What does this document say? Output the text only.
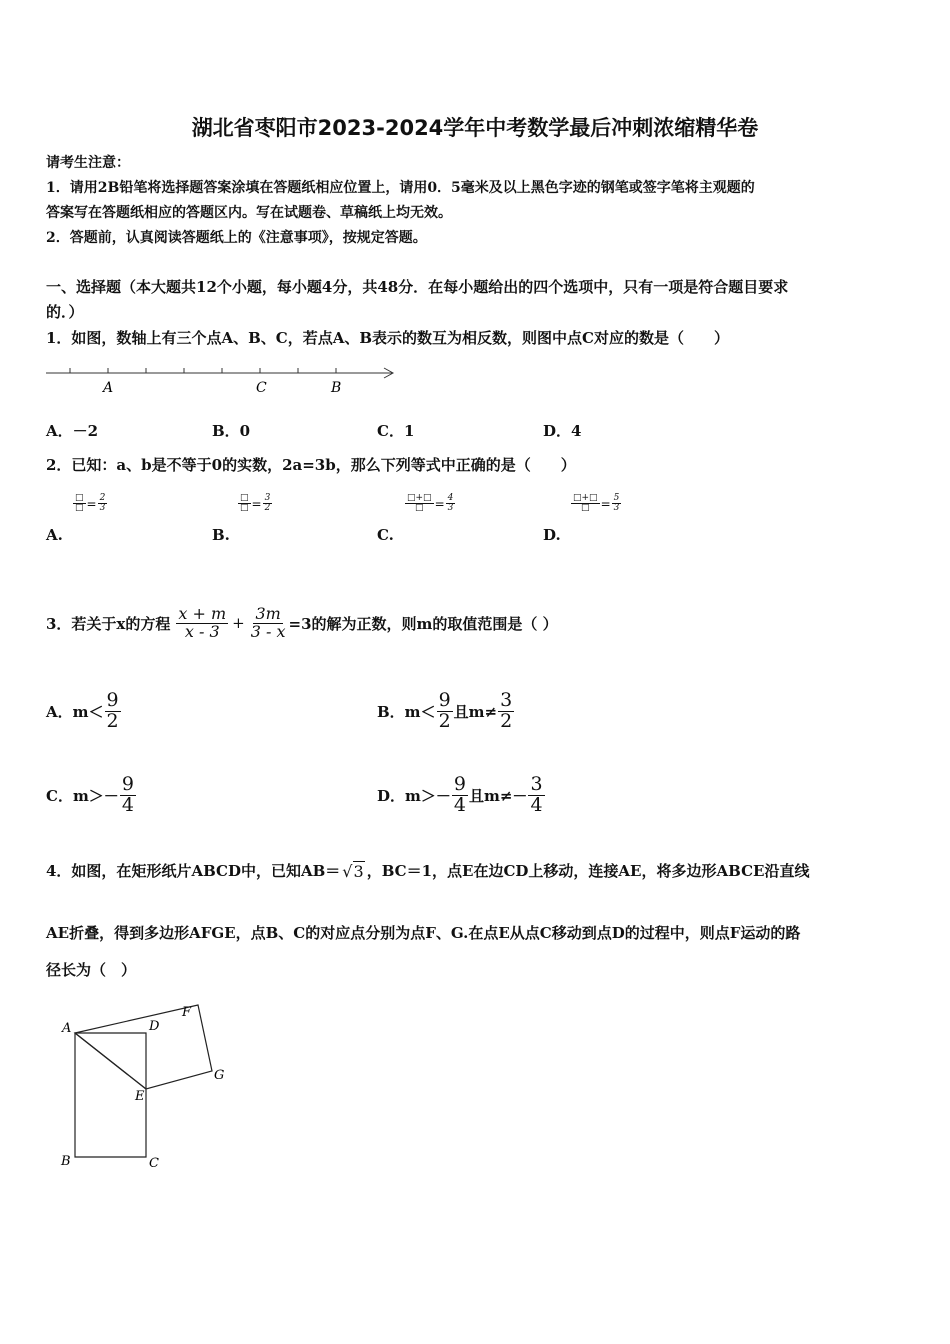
湖北省枣阳市2023-2024学年中考数学最后冲刺浓缩精华卷
请考生注意：
1．请用2B铅笔将选择题答案涂填在答题纸相应位置上，请用0．5毫米及以上黑色字迹的钢笔或签字笔将主观题的
答案写在答题纸相应的答题区内。写在试题卷、草稿纸上均无效。
2．答题前，认真阅读答题纸上的《注意事项》，按规定答题。
一、选择题（本大题共12个小题，每小题4分，共48分．在每小题给出的四个选项中，只有一项是符合题目要求
的．）
1．如图，数轴上有三个点A、B、C，若点A、B表示的数互为相反数，则图中点C对应的数是（　　）
A	C	B
A．－2	B．0	C．1	D．4
2．已知：a、b是不等于0的实数，2a=3b，那么下列等式中正确的是（　　）
$\frac{□}{□} = \frac{2}{3}$	$\frac{□}{□} = \frac{3}{2}$	$\frac{□+□}{□} = \frac{4}{3}$	$\frac{□+□}{□} = \frac{5}{3}$
A.	B.	C.	D.
3．若关于x的方程 $\frac{x + m}{x - 3} + \frac{3m}{3 - x} =3$的解为正数，则m的取值范围是（ ）
A．$m< \frac{9}{2}$	B．$m< \frac{9}{2}$ 且$m\ne \frac{3}{2}$
C．$m>- \frac{9}{4}$	D．$m>- \frac{9}{4}$ 且$m\ne- \frac{3}{4}$
4．如图，在矩形纸片ABCD中，已知AB＝ √3 ，BC＝1，点E在边CD上移动，连接AE，将多边形ABCE沿直线
AE折叠，得到多边形AFGE，点B、C的对应点分别为点F、G.在点E从点C移动到点D的过程中，则点F运动的路
径长为（　）
A	D
F
G
E
B	C
